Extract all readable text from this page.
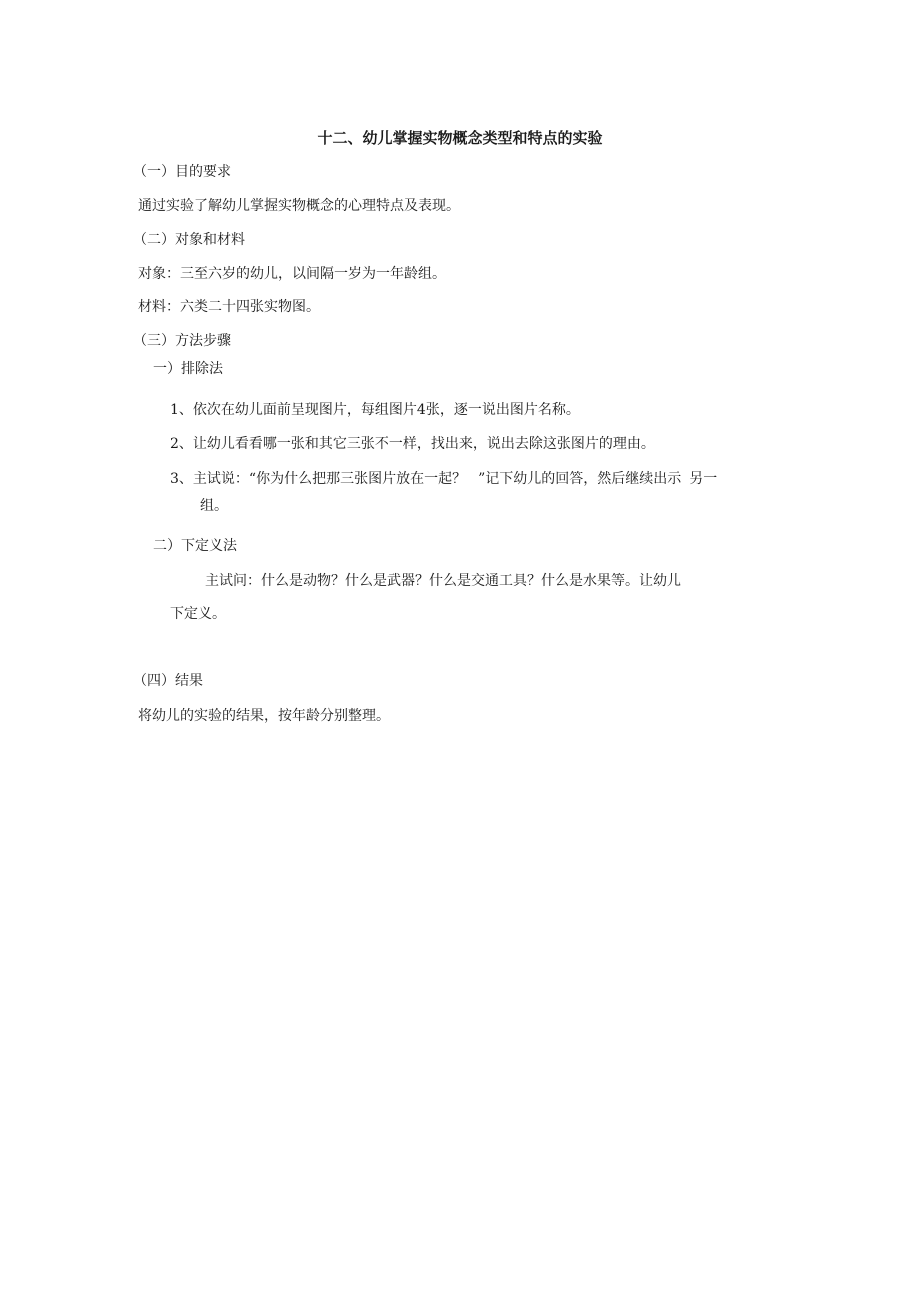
十二、幼儿掌握实物概念类型和特点的实验
（一）目的要求
通过实验了解幼儿掌握实物概念的心理特点及表现。
（二）对象和材料
对象：三至六岁的幼儿，以间隔一岁为一年龄组。
材料：六类二十四张实物图。
（三）方法步骤
一）排除法
1、依次在幼儿面前呈现图片，每组图片4张，逐一说出图片名称。
2、让幼儿看看哪一张和其它三张不一样，找出来，说出去除这张图片的理由。
3、主试说：“你为什么把那三张图片放在一起？ ”记下幼儿的回答，然后继续出示 另一
组。
二）下定义法
主试问：什么是动物？什么是武器？什么是交通工具？什么是水果等。让幼儿
下定义。
（四）结果
将幼儿的实验的结果，按年龄分别整理。
